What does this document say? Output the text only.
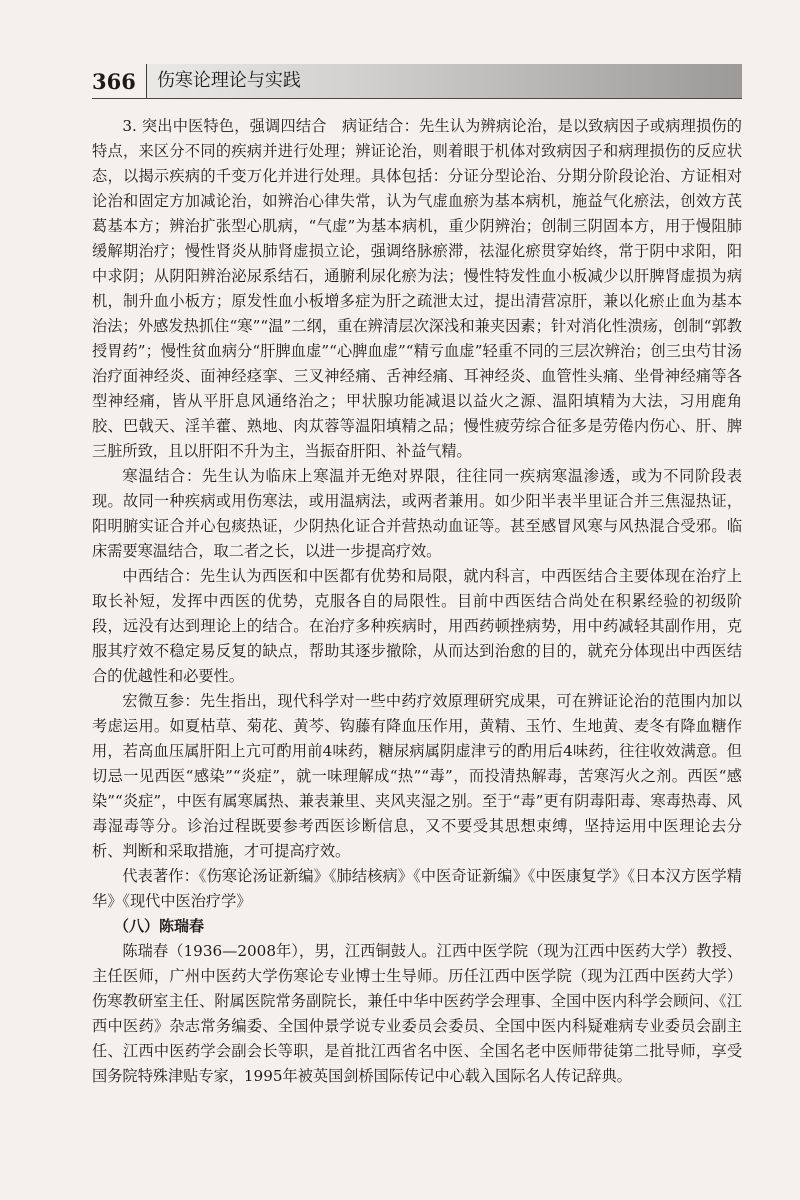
366	伤寒论理论与实践

3. 突出中医特色，强调四结合　病证结合：先生认为辨病论治，是以致病因子或病理损伤的特点，来区分不同的疾病并进行处理；辨证论治，则着眼于机体对致病因子和病理损伤的反应状态，以揭示疾病的千变万化并进行处理。具体包括：分证分型论治、分期分阶段论治、方证相对论治和固定方加减论治，如辨治心律失常，认为气虚血瘀为基本病机，施益气化瘀法，创效方芪葛基本方；辨治扩张型心肌病，“气虚”为基本病机，重少阴辨治；创制三阴固本方，用于慢阻肺缓解期治疗；慢性肾炎从肺肾虚损立论，强调络脉瘀滞，祛湿化瘀贯穿始终，常于阴中求阳，阳中求阴；从阴阳辨治泌尿系结石，通腑利尿化瘀为法；慢性特发性血小板减少以肝脾肾虚损为病机，制升血小板方；原发性血小板增多症为肝之疏泄太过，提出清营凉肝，兼以化瘀止血为基本治法；外感发热抓住“寒”“温”二纲，重在辨清层次深浅和兼夹因素；针对消化性溃疡，创制“郭教授胃药”；慢性贫血病分“肝脾血虚”“心脾血虚”“精亏血虚”轻重不同的三层次辨治；创三虫芍甘汤治疗面神经炎、面神经痉挛、三叉神经痛、舌神经痛、耳神经炎、血管性头痛、坐骨神经痛等各型神经痛，皆从平肝息风通络治之；甲状腺功能减退以益火之源、温阳填精为大法，习用鹿角胶、巴戟天、淫羊藿、熟地、肉苁蓉等温阳填精之品；慢性疲劳综合征多是劳倦内伤心、肝、脾三脏所致，且以肝阳不升为主，当振奋肝阳、补益气精。

寒温结合：先生认为临床上寒温并无绝对界限，往往同一疾病寒温渗透，或为不同阶段表现。故同一种疾病或用伤寒法，或用温病法，或两者兼用。如少阳半表半里证合并三焦湿热证，阳明腑实证合并心包痰热证，少阴热化证合并营热动血证等。甚至感冒风寒与风热混合受邪。临床需要寒温结合，取二者之长，以进一步提高疗效。

中西结合：先生认为西医和中医都有优势和局限，就内科言，中西医结合主要体现在治疗上取长补短，发挥中西医的优势，克服各自的局限性。目前中西医结合尚处在积累经验的初级阶段，远没有达到理论上的结合。在治疗多种疾病时，用西药顿挫病势，用中药减轻其副作用，克服其疗效不稳定易反复的缺点，帮助其逐步撤除，从而达到治愈的目的，就充分体现出中西医结合的优越性和必要性。

宏微互参：先生指出，现代科学对一些中药疗效原理研究成果，可在辨证论治的范围内加以考虑运用。如夏枯草、菊花、黄芩、钩藤有降血压作用，黄精、玉竹、生地黄、麦冬有降血糖作用，若高血压属肝阳上亢可酌用前4味药，糖尿病属阴虚津亏的酌用后4味药，往往收效满意。但切忌一见西医“感染”“炎症”，就一味理解成“热”“毒”，而投清热解毒，苦寒泻火之剂。西医“感染”“炎症”，中医有属寒属热、兼表兼里、夹风夹湿之别。至于“毒”更有阴毒阳毒、寒毒热毒、风毒湿毒等分。诊治过程既要参考西医诊断信息，又不要受其思想束缚，坚持运用中医理论去分析、判断和采取措施，才可提高疗效。

代表著作：《伤寒论汤证新编》《肺结核病》《中医奇证新编》《中医康复学》《日本汉方医学精华》《现代中医治疗学》

（八）陈瑞春

陈瑞春（1936—2008年），男，江西铜鼓人。江西中医学院（现为江西中医药大学）教授、主任医师，广州中医药大学伤寒论专业博士生导师。历任江西中医学院（现为江西中医药大学）伤寒教研室主任、附属医院常务副院长，兼任中华中医药学会理事、全国中医内科学会顾问、《江西中医药》杂志常务编委、全国仲景学说专业委员会委员、全国中医内科疑难病专业委员会副主任、江西中医药学会副会长等职，是首批江西省名中医、全国名老中医师带徒第二批导师，享受国务院特殊津贴专家，1995年被英国剑桥国际传记中心载入国际名人传记辞典。
